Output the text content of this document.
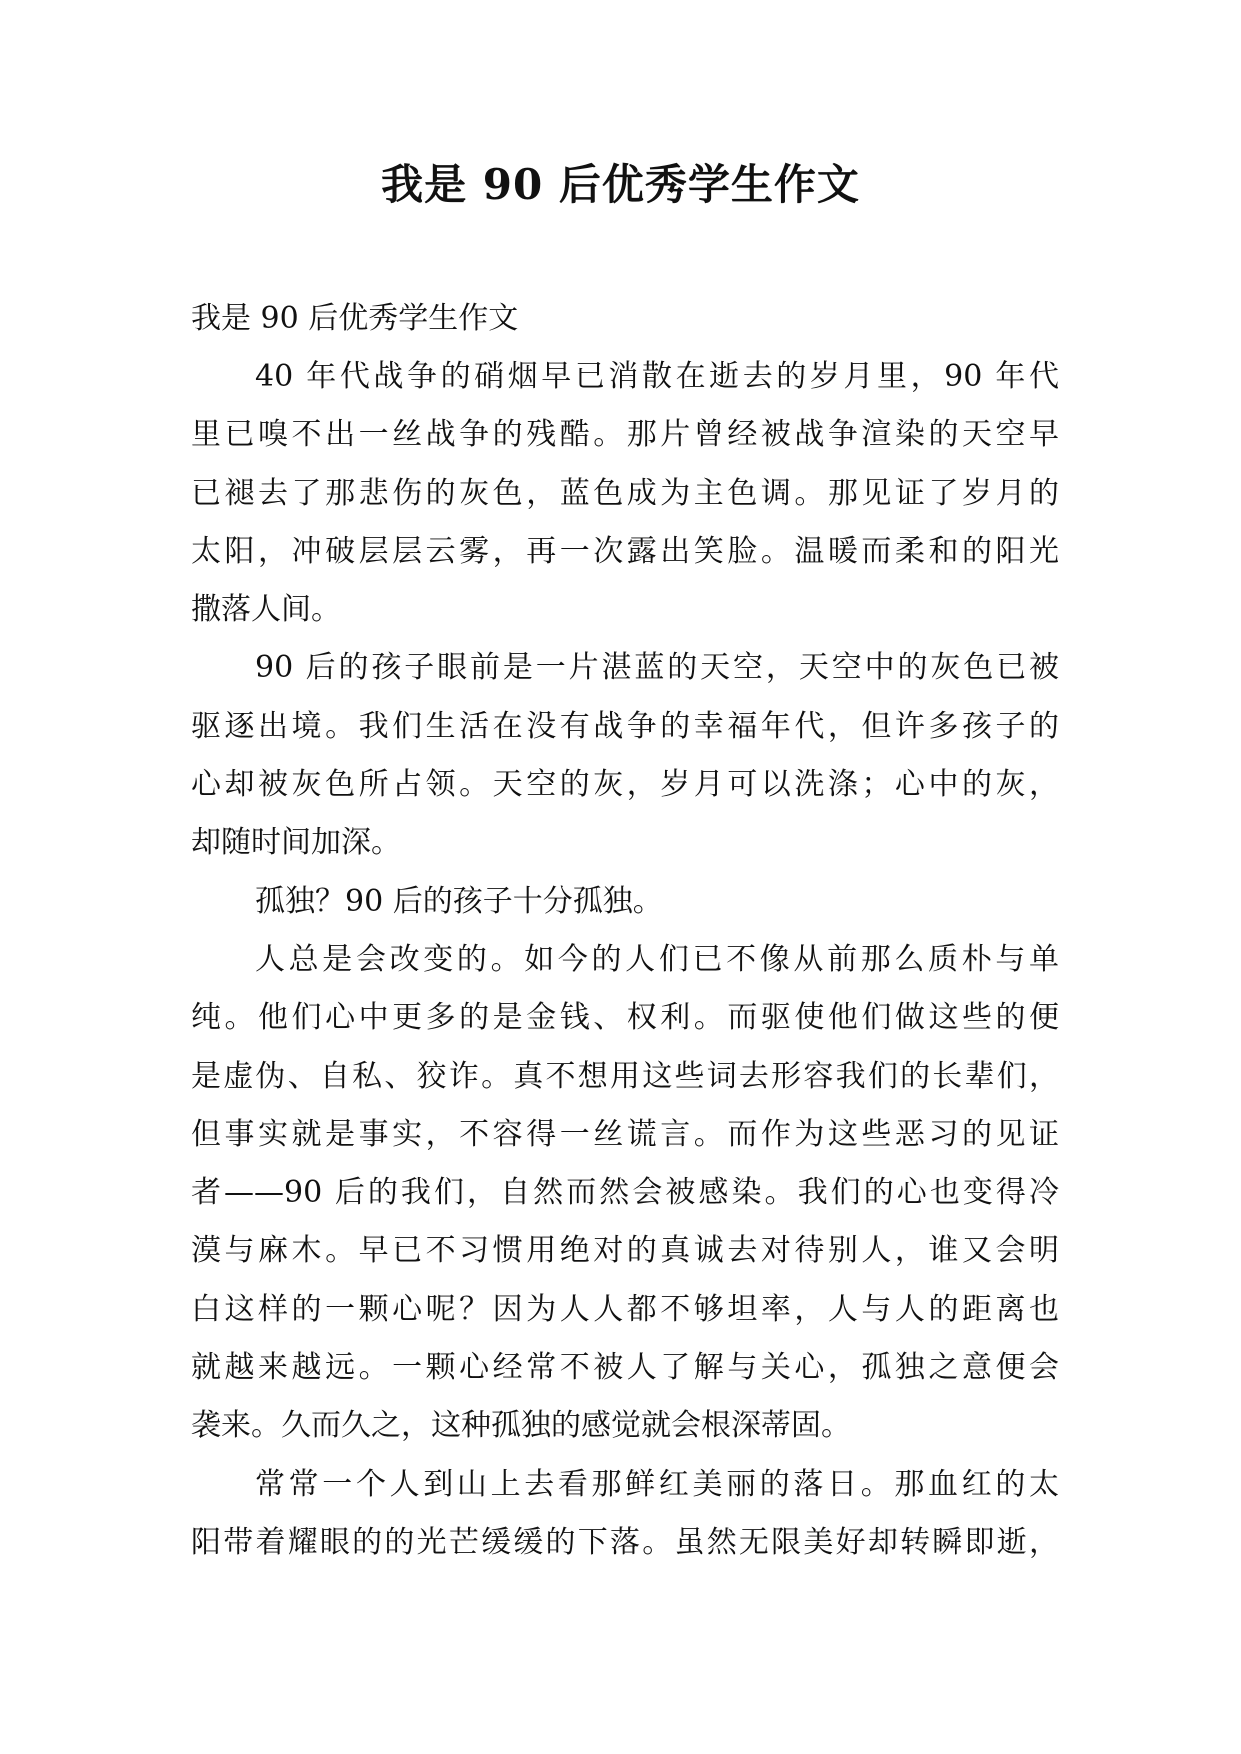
我是 90 后优秀学生作文

我是 90 后优秀学生作文

40 年代战争的硝烟早已消散在逝去的岁月里，90 年代
里已嗅不出一丝战争的残酷。那片曾经被战争渲染的天空早
已褪去了那悲伤的灰色，蓝色成为主色调。那见证了岁月的
太阳，冲破层层云雾，再一次露出笑脸。温暖而柔和的阳光
撒落人间。
90 后的孩子眼前是一片湛蓝的天空，天空中的灰色已被
驱逐出境。我们生活在没有战争的幸福年代，但许多孩子的
心却被灰色所占领。天空的灰，岁月可以洗涤；心中的灰，
却随时间加深。
孤独？90 后的孩子十分孤独。
人总是会改变的。如今的人们已不像从前那么质朴与单
纯。他们心中更多的是金钱、权利。而驱使他们做这些的便
是虚伪、自私、狡诈。真不想用这些词去形容我们的长辈们，
但事实就是事实，不容得一丝谎言。而作为这些恶习的见证
者——90 后的我们，自然而然会被感染。我们的心也变得冷
漠与麻木。早已不习惯用绝对的真诚去对待别人，谁又会明
白这样的一颗心呢？因为人人都不够坦率，人与人的距离也
就越来越远。一颗心经常不被人了解与关心，孤独之意便会
袭来。久而久之，这种孤独的感觉就会根深蒂固。
常常一个人到山上去看那鲜红美丽的落日。那血红的太
阳带着耀眼的的光芒缓缓的下落。虽然无限美好却转瞬即逝，
